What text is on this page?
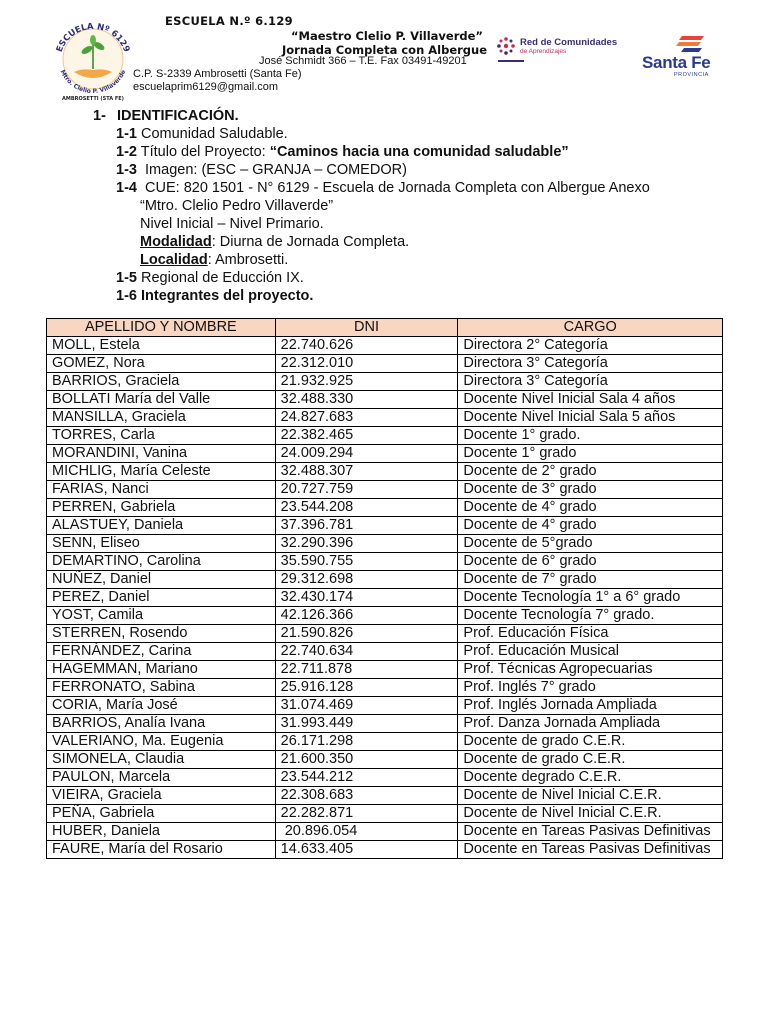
ESCUELA Nº 6129
Mtro. Clelio P. Villaverde
AMBROSETTI (STA FE)
ESCUELA N.º 6.129
“Maestro Clelio P. Villaverde”
Jornada Completa con Albergue
José Schmidt 366 – T.E. Fax 03491-49201
C.P. S-2339 Ambrosetti (Santa Fe)
escuelaprim6129@gmail.com
Red de Comunidades
de Aprendizajes
Santa Fe
PROVINCIA
1- IDENTIFICACIÓN.
1-1 Comunidad Saludable.
1-2 Título del Proyecto: “Caminos hacia una comunidad saludable”
1-3 Imagen: (ESC – GRANJA – COMEDOR)
1-4 CUE: 820 1501 - N° 6129 - Escuela de Jornada Completa con Albergue Anexo
“Mtro. Clelio Pedro Villaverde”
Nivel Inicial – Nivel Primario.
Modalidad: Diurna de Jornada Completa.
Localidad: Ambrosetti.
1-5 Regional de Educción IX.
1-6 Integrantes del proyecto.
APELLIDO Y NOMBRE	DNI	CARGO
MOLL, Estela	22.740.626	Directora 2° Categoría
GOMEZ, Nora	22.312.010	Directora 3° Categoría
BARRIOS, Graciela	21.932.925	Directora 3° Categoría
BOLLATI María del Valle	32.488.330	Docente Nivel Inicial Sala 4 años
MANSILLA, Graciela	24.827.683	Docente Nivel Inicial Sala 5 años
TORRES, Carla	22.382.465	Docente 1° grado.
MORANDINI, Vanina	24.009.294	Docente 1° grado
MICHLIG, María Celeste	32.488.307	Docente de 2° grado
FARIAS, Nanci	20.727.759	Docente de 3° grado
PERREN, Gabriela	23.544.208	Docente de 4° grado
ALASTUEY, Daniela	37.396.781	Docente de 4° grado
SENN, Eliseo	32.290.396	Docente de 5°grado
DEMARTINO, Carolina	35.590.755	Docente de 6° grado
NUÑEZ, Daniel	29.312.698	Docente de 7° grado
PEREZ, Daniel	32.430.174	Docente Tecnología 1° a 6° grado
YOST, Camila	42.126.366	Docente Tecnología 7° grado.
STERREN, Rosendo	21.590.826	Prof. Educación Física
FERNÁNDEZ, Carina	22.740.634	Prof. Educación Musical
HAGEMMAN, Mariano	22.711.878	Prof. Técnicas Agropecuarias
FERRONATO, Sabina	25.916.128	Prof. Inglés 7° grado
CORIA, María José	31.074.469	Prof. Inglés Jornada Ampliada
BARRIOS, Analía Ivana	31.993.449	Prof. Danza Jornada Ampliada
VALERIANO, Ma. Eugenia	26.171.298	Docente de grado C.E.R.
SIMONELA, Claudia	21.600.350	Docente de grado C.E.R.
PAULON, Marcela	23.544.212	Docente degrado C.E.R.
VIEIRA, Graciela	22.308.683	Docente de Nivel Inicial C.E.R.
PEÑA, Gabriela	22.282.871	Docente de Nivel Inicial C.E.R.
HUBER, Daniela	20.896.054	Docente en Tareas Pasivas Definitivas
FAURE, María del Rosario	14.633.405	Docente en Tareas Pasivas Definitivas
